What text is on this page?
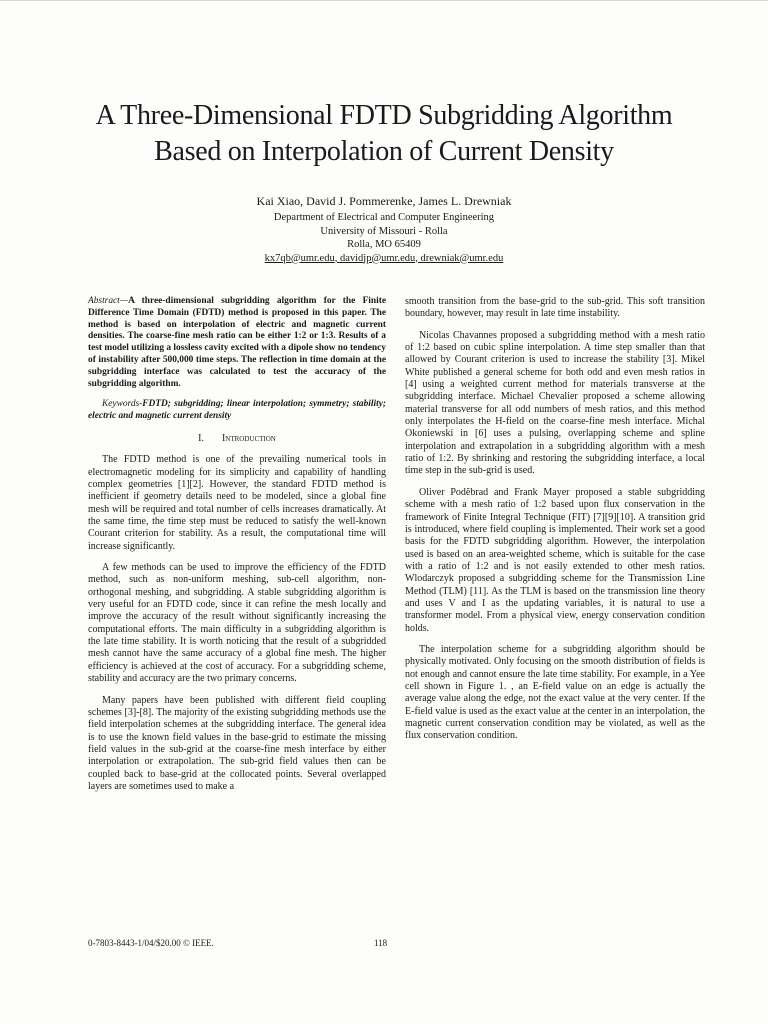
A Three-Dimensional FDTD Subgridding Algorithm
Based on Interpolation of Current Density
Kai Xiao, David J. Pommerenke, James L. Drewniak
Department of Electrical and Computer Engineering
University of Missouri - Rolla
Rolla, MO 65409
kx7qb@umr.edu, davidjp@umr.edu, drewniak@umr.edu

Abstract—A three-dimensional subgridding algorithm for the Finite Difference Time Domain (FDTD) method is proposed in this paper. The method is based on interpolation of electric and magnetic current densities. The coarse-fine mesh ratio can be either 1:2 or 1:3. Results of a test model utilizing a lossless cavity excited with a dipole show no tendency of instability after 500,000 time steps. The reflection in time domain at the subgridding interface was calculated to test the accuracy of the subgridding algorithm.

Keywords-FDTD; subgridding; linear interpolation; symmetry; stability; electric and magnetic current density

I. Introduction

The FDTD method is one of the prevailing numerical tools in electromagnetic modeling for its simplicity and capability of handling complex geometries [1][2]. However, the standard FDTD method is inefficient if geometry details need to be modeled, since a global fine mesh will be required and total number of cells increases dramatically. At the same time, the time step must be reduced to satisfy the well-known Courant criterion for stability. As a result, the computational time will increase significantly.

A few methods can be used to improve the efficiency of the FDTD method, such as non-uniform meshing, sub-cell algorithm, non-orthogonal meshing, and subgridding. A stable subgridding algorithm is very useful for an FDTD code, since it can refine the mesh locally and improve the accuracy of the result without significantly increasing the computational efforts. The main difficulty in a subgridding algorithm is the late time stability. It is worth noticing that the result of a subgridded mesh cannot have the same accuracy of a global fine mesh. The higher efficiency is achieved at the cost of accuracy. For a subgridding scheme, stability and accuracy are the two primary concerns.

Many papers have been published with different field coupling schemes [3]-[8]. The majority of the existing subgridding methods use the field interpolation schemes at the subgridding interface. The general idea is to use the known field values in the base-grid to estimate the missing field values in the sub-grid at the coarse-fine mesh interface by either interpolation or extrapolation. The sub-grid field values then can be coupled back to base-grid at the collocated points. Several overlapped layers are sometimes used to make a

smooth transition from the base-grid to the sub-grid. This soft transition boundary, however, may result in late time instability.

Nicolas Chavannes proposed a subgridding method with a mesh ratio of 1:2 based on cubic spline interpolation. A time step smaller than that allowed by Courant criterion is used to increase the stability [3]. Mikel White published a general scheme for both odd and even mesh ratios in [4] using a weighted current method for materials transverse at the subgridding interface. Michael Chevalier proposed a scheme allowing material transverse for all odd numbers of mesh ratios, and this method only interpolates the H-field on the coarse-fine mesh interface. Michal Okoniewski in [6] uses a pulsing, overlapping scheme and spline interpolation and extrapolation in a subgridding algorithm with a mesh ratio of 1:2. By shrinking and restoring the subgridding interface, a local time step in the sub-grid is used.

Oliver Podĕbrad and Frank Mayer proposed a stable subgridding scheme with a mesh ratio of 1:2 based upon flux conservation in the framework of Finite Integral Technique (FIT) [7][9][10]. A transition grid is introduced, where field coupling is implemented. Their work set a good basis for the FDTD subgridding algorithm. However, the interpolation used is based on an area-weighted scheme, which is suitable for the case with a ratio of 1:2 and is not easily extended to other mesh ratios. Wlodarczyk proposed a subgridding scheme for the Transmission Line Method (TLM) [11]. As the TLM is based on the transmission line theory and uses V and I as the updating variables, it is natural to use a transformer model. From a physical view, energy conservation condition holds.

The interpolation scheme for a subgridding algorithm should be physically motivated. Only focusing on the smooth distribution of fields is not enough and cannot ensure the late time stability. For example, in a Yee cell shown in Figure 1. , an E-field value on an edge is actually the average value along the edge, not the exact value at the very center. If the E-field value is used as the exact value at the center in an interpolation, the magnetic current conservation condition may be violated, as well as the flux conservation condition.

0-7803-8443-1/04/$20.00 © IEEE.	118
